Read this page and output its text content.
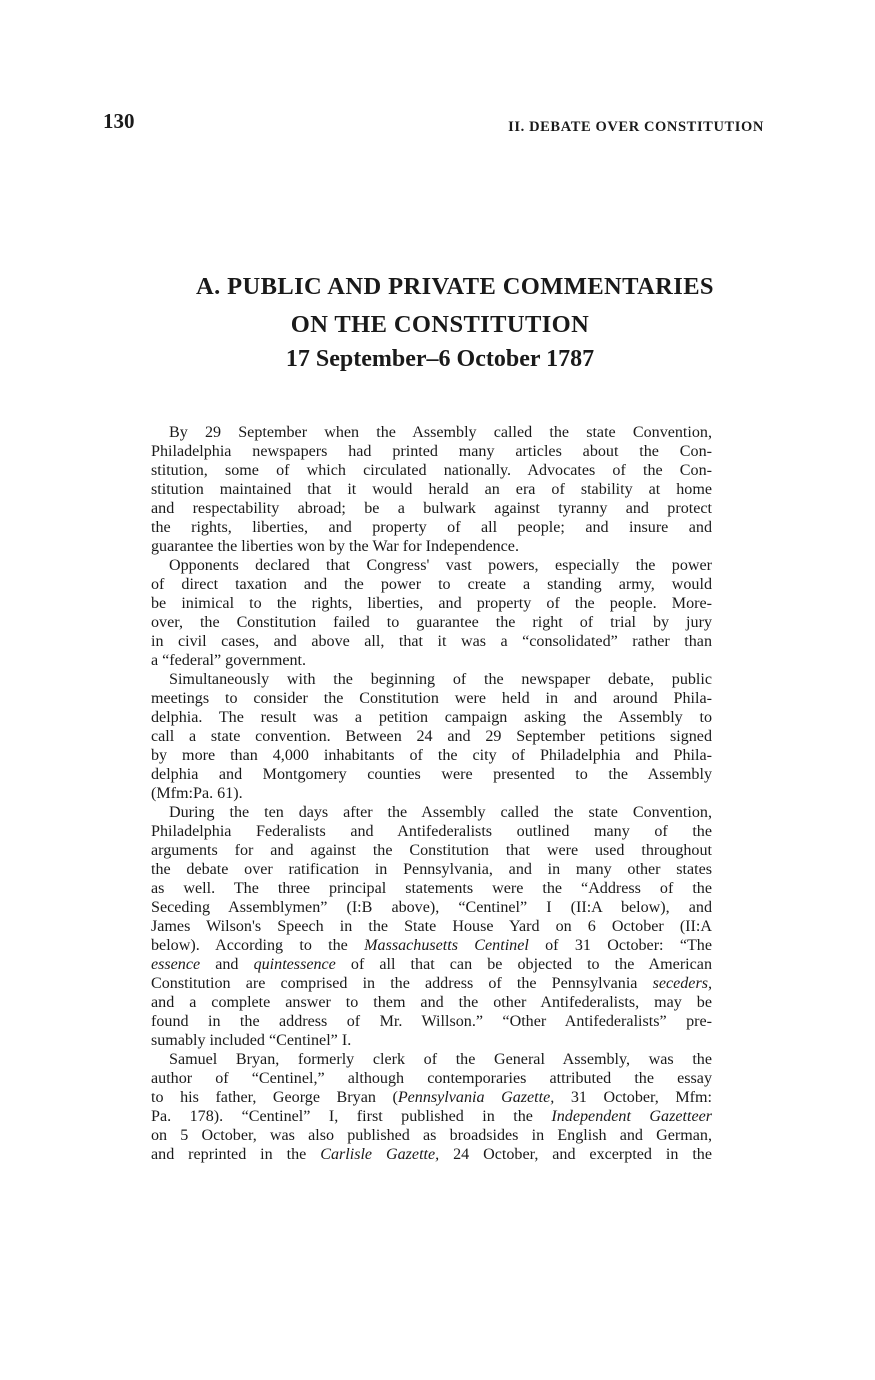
130	II. DEBATE OVER CONSTITUTION
A. PUBLIC AND PRIVATE COMMENTARIES
ON THE CONSTITUTION
17 September–6 October 1787

By 29 September when the Assembly called the state Convention,
Philadelphia newspapers had printed many articles about the Con-
stitution, some of which circulated nationally. Advocates of the Con-
stitution maintained that it would herald an era of stability at home
and respectability abroad; be a bulwark against tyranny and protect
the rights, liberties, and property of all people; and insure and
guarantee the liberties won by the War for Independence.

Opponents declared that Congress' vast powers, especially the power
of direct taxation and the power to create a standing army, would
be inimical to the rights, liberties, and property of the people. More-
over, the Constitution failed to guarantee the right of trial by jury
in civil cases, and above all, that it was a “consolidated” rather than
a “federal” government.

Simultaneously with the beginning of the newspaper debate, public
meetings to consider the Constitution were held in and around Phila-
delphia. The result was a petition campaign asking the Assembly to
call a state convention. Between 24 and 29 September petitions signed
by more than 4,000 inhabitants of the city of Philadelphia and Phila-
delphia and Montgomery counties were presented to the Assembly
(Mfm:Pa. 61).

During the ten days after the Assembly called the state Convention,
Philadelphia Federalists and Antifederalists outlined many of the
arguments for and against the Constitution that were used throughout
the debate over ratification in Pennsylvania, and in many other states
as well. The three principal statements were the “Address of the
Seceding Assemblymen” (I:B above), “Centinel” I (II:A below), and
James Wilson's Speech in the State House Yard on 6 October (II:A
below). According to the Massachusetts Centinel of 31 October: “The
essence and quintessence of all that can be objected to the American
Constitution are comprised in the address of the Pennsylvania seceders,
and a complete answer to them and the other Antifederalists, may be
found in the address of Mr. Willson.” “Other Antifederalists” pre-
sumably included “Centinel” I.

Samuel Bryan, formerly clerk of the General Assembly, was the
author of “Centinel,” although contemporaries attributed the essay
to his father, George Bryan (Pennsylvania Gazette, 31 October, Mfm:
Pa. 178). “Centinel” I, first published in the Independent Gazetteer
on 5 October, was also published as broadsides in English and German,
and reprinted in the Carlisle Gazette, 24 October, and excerpted in the
